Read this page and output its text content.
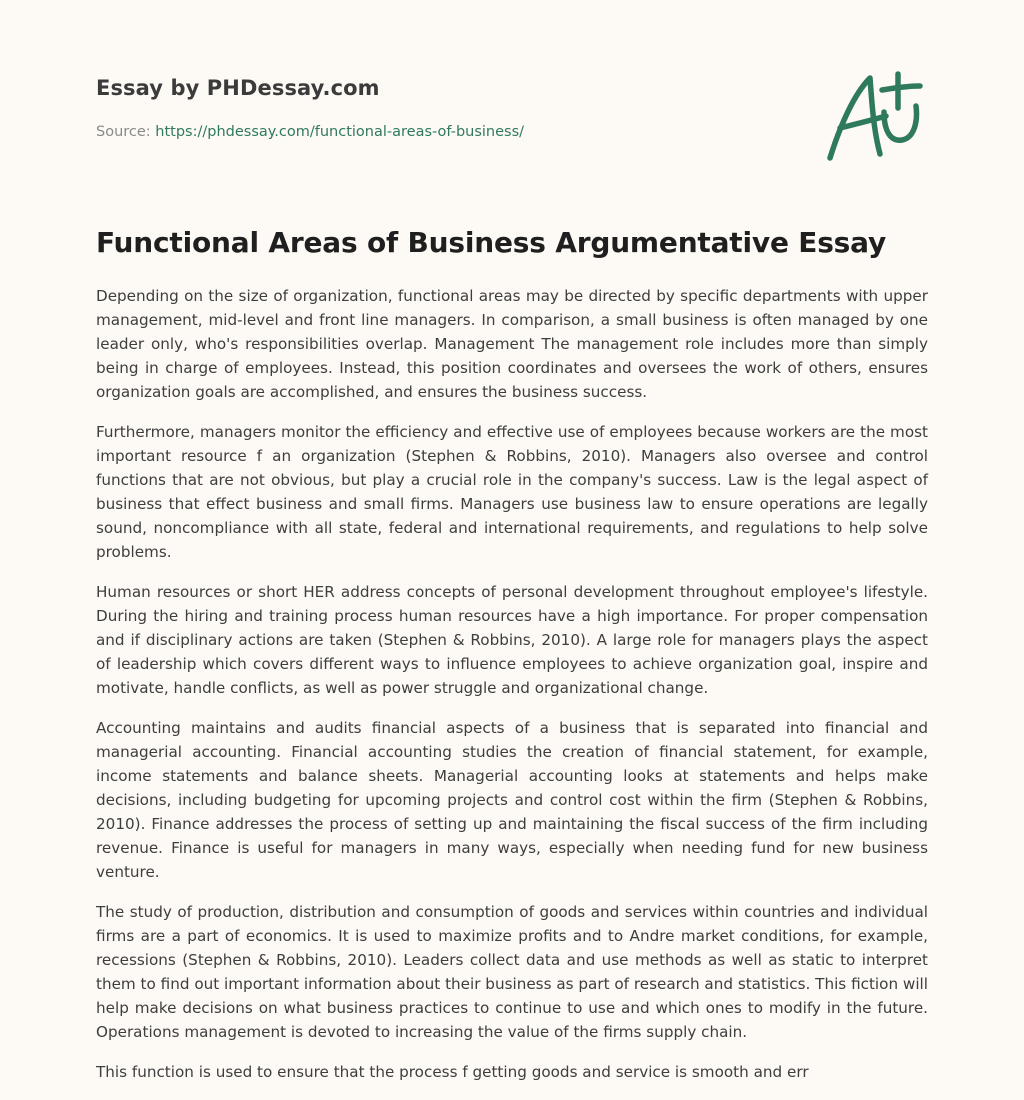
Essay by PHDessay.com
Source: https://phdessay.com/functional-areas-of-business/
Functional Areas of Business Argumentative Essay

Depending on the size of organization, functional areas may be directed by specific departments with upper management, mid-level and front line managers. In comparison, a small business is often managed by one leader only, who's responsibilities overlap. Management The management role includes more than simply being in charge of employees. Instead, this position coordinates and oversees the work of others, ensures organization goals are accomplished, and ensures the business success.

Furthermore, managers monitor the efficiency and effective use of employees because workers are the most important resource f an organization (Stephen & Robbins, 2010). Managers also oversee and control functions that are not obvious, but play a crucial role in the company's success. Law is the legal aspect of business that effect business and small firms. Managers use business law to ensure operations are legally sound, noncompliance with all state, federal and international requirements, and regulations to help solve problems.

Human resources or short HER address concepts of personal development throughout employee's lifestyle. During the hiring and training process human resources have a high importance. For proper compensation and if disciplinary actions are taken (Stephen & Robbins, 2010). A large role for managers plays the aspect of leadership which covers different ways to influence employees to achieve organization goal, inspire and motivate, handle conflicts, as well as power struggle and organizational change.

Accounting maintains and audits financial aspects of a business that is separated into financial and managerial accounting. Financial accounting studies the creation of financial statement, for example, income statements and balance sheets. Managerial accounting looks at statements and helps make decisions, including budgeting for upcoming projects and control cost within the firm (Stephen & Robbins, 2010). Finance addresses the process of setting up and maintaining the fiscal success of the firm including revenue. Finance is useful for managers in many ways, especially when needing fund for new business venture.

The study of production, distribution and consumption of goods and services within countries and individual firms are a part of economics. It is used to maximize profits and to Andre market conditions, for example, recessions (Stephen & Robbins, 2010). Leaders collect data and use methods as well as static to interpret them to find out important information about their business as part of research and statistics. This fiction will help make decisions on what business practices to continue to use and which ones to modify in the future. Operations management is devoted to increasing the value of the firms supply chain.

This function is used to ensure that the process f getting goods and service is smooth and err
